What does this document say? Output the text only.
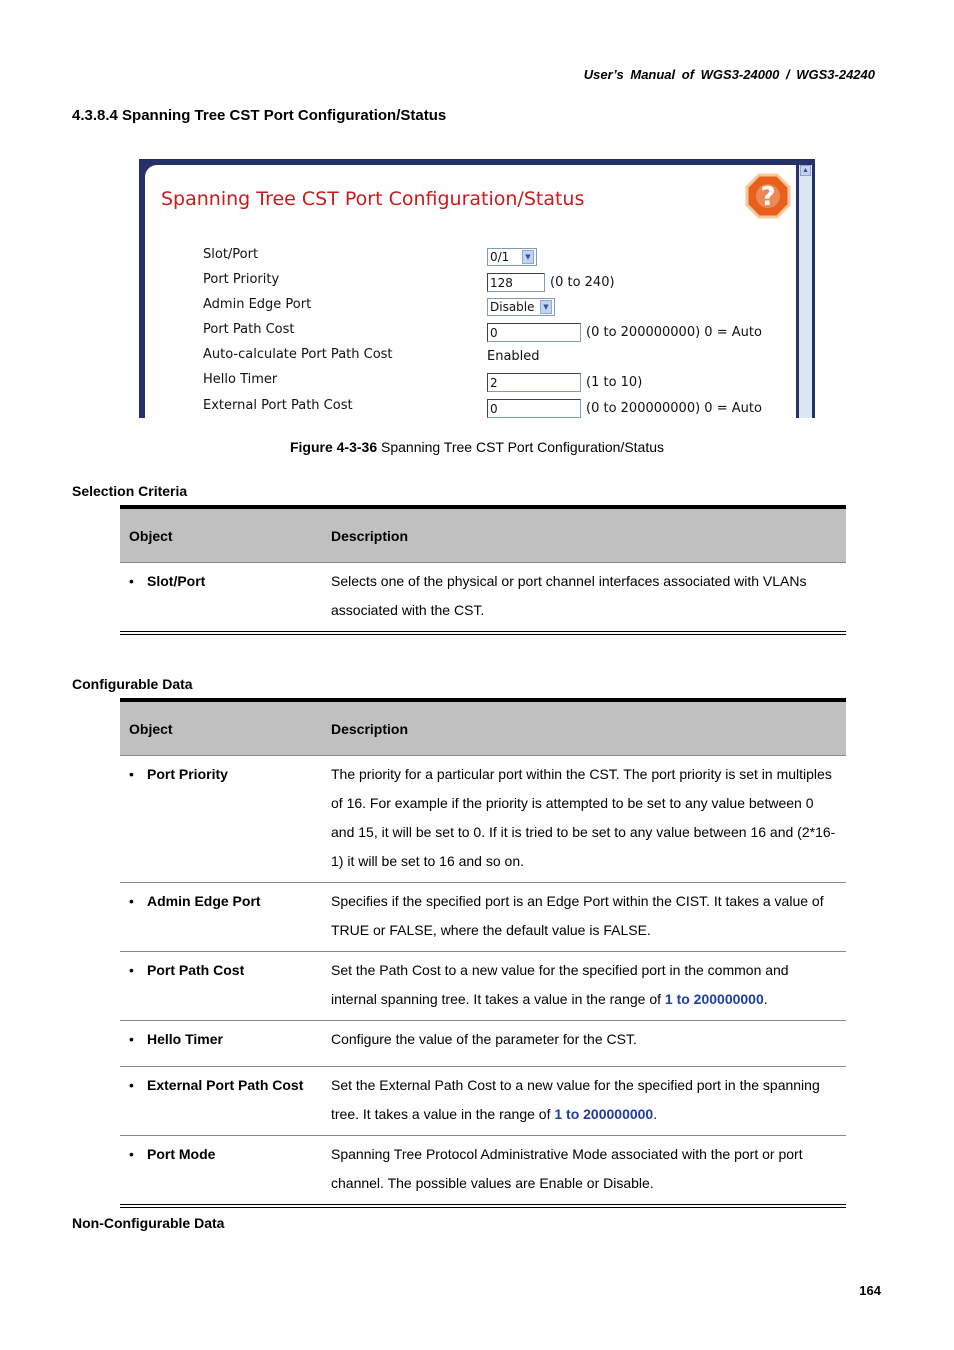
User’s Manual of WGS3-24000 / WGS3-24240
4.3.8.4 Spanning Tree CST Port Configuration/Status
Spanning Tree CST Port Configuration/Status	?
Slot/Port	0/1	▼
Port Priority	128	(0 to 240)
Admin Edge Port	Disable	▼
Port Path Cost	0	(0 to 200000000) 0 = Auto
Auto-calculate Port Path Cost	Enabled
Hello Timer	2	(1 to 10)
External Port Path Cost	0	(0 to 200000000) 0 = Auto
▲
Figure 4-3-36 Spanning Tree CST Port Configuration/Status
Selection Criteria
Object	Description
• Slot/Port	Selects one of the physical or port channel interfaces associated with VLANs associated with the CST.
Configurable Data
Object	Description
• Port Priority	The priority for a particular port within the CST. The port priority is set in multiples of 16. For example if the priority is attempted to be set to any value between 0 and 15, it will be set to 0. If it is tried to be set to any value between 16 and (2*16-1) it will be set to 16 and so on.
• Admin Edge Port	Specifies if the specified port is an Edge Port within the CIST. It takes a value of TRUE or FALSE, where the default value is FALSE.
• Port Path Cost	Set the Path Cost to a new value for the specified port in the common and internal spanning tree. It takes a value in the range of 1 to 200000000.
• Hello Timer	Configure the value of the parameter for the CST.

• External Port Path Cost	Set the External Path Cost to a new value for the specified port in the spanning tree. It takes a value in the range of 1 to 200000000.
• Port Mode	Spanning Tree Protocol Administrative Mode associated with the port or port channel. The possible values are Enable or Disable.
Non-Configurable Data
164
